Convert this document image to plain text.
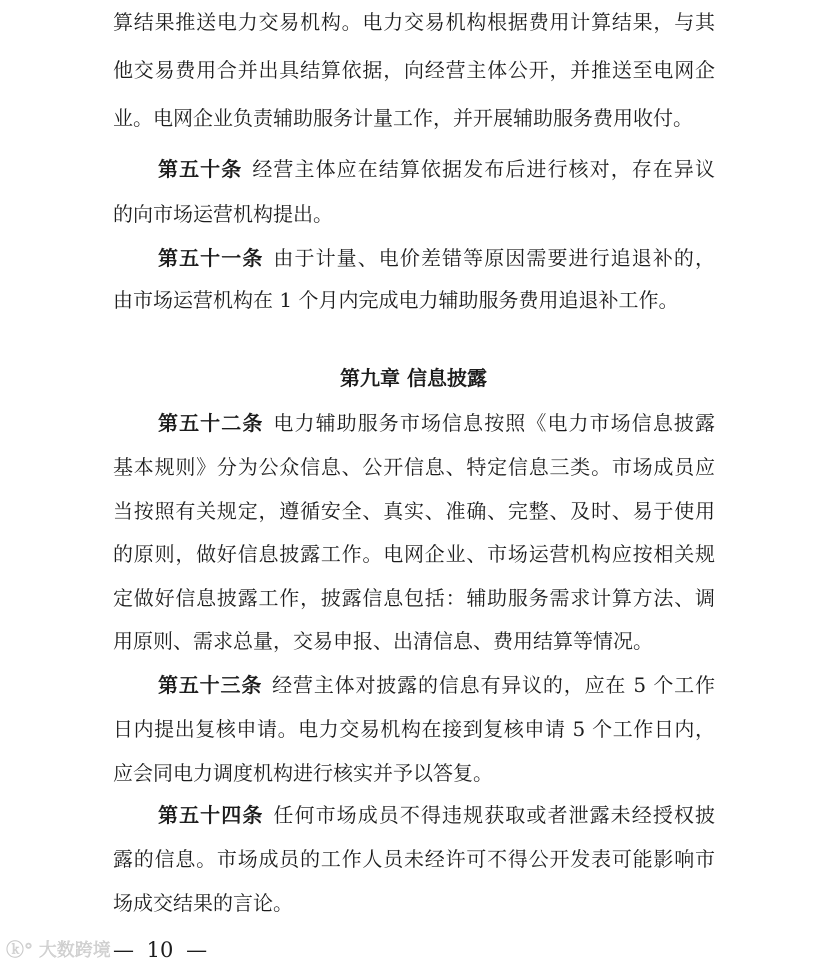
算结果推送电力交易机构。电力交易机构根据费用计算结果，与其
他交易费用合并出具结算依据，向经营主体公开，并推送至电网企
业。电网企业负责辅助服务计量工作，并开展辅助服务费用收付。
第五十条 经营主体应在结算依据发布后进行核对，存在异议
的向市场运营机构提出。
第五十一条 由于计量、电价差错等原因需要进行追退补的，
由市场运营机构在 1 个月内完成电力辅助服务费用追退补工作。
第五十二条 电力辅助服务市场信息按照《电力市场信息披露
基本规则》分为公众信息、公开信息、特定信息三类。市场成员应
当按照有关规定，遵循安全、真实、准确、完整、及时、易于使用
的原则，做好信息披露工作。电网企业、市场运营机构应按相关规
定做好信息披露工作，披露信息包括：辅助服务需求计算方法、调
用原则、需求总量，交易申报、出清信息、费用结算等情况。
第五十三条 经营主体对披露的信息有异议的，应在 5 个工作
日内提出复核申请。电力交易机构在接到复核申请 5 个工作日内，
应会同电力调度机构进行核实并予以答复。
第五十四条 任何市场成员不得违规获取或者泄露未经授权披
露的信息。市场成员的工作人员未经许可不得公开发表可能影响市
场成交结果的言论。
第九章 信息披露
ⓚ° 大数跨境 — 10 —
